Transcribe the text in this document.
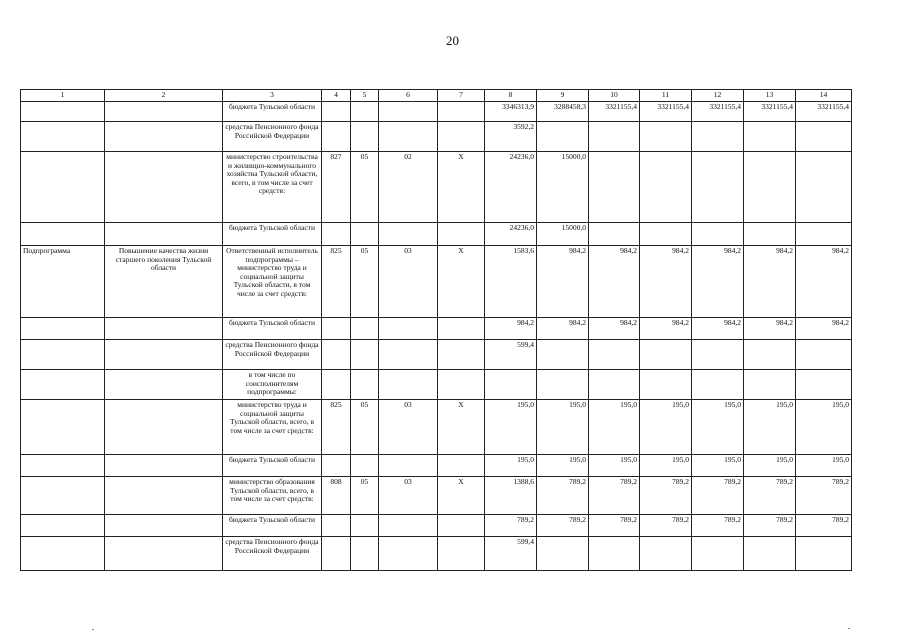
20
1	2	3	4	5	6	7	8	9	10	11	12	13	14
		бюджета Тульской области					3346313,9	3288458,3	3321155,4	3321155,4	3321155,4	3321155,4	3321155,4
		средства Пенсионного фонда Российской Федерации					3592,2						
		министерство строительства и жилищно-коммунального хозяйства Тульской области, всего, в том числе за счет средств:	827	05	02	X	24236,0	15000,0					
		бюджета Тульской области					24236,0	15000,0					
Подпрограмма	Повышение качества жизни старшего поколения Тульской области	Ответственный исполнитель подпрограммы – министерство труда и социальной защиты Тульской области, в том числе за счет средств:	825	05	03	X	1583,6	984,2	984,2	984,2	984,2	984,2	984,2
		бюджета Тульской области					984,2	984,2	984,2	984,2	984,2	984,2	984,2
		средства Пенсионного фонда Российской Федерации					599,4						
		в том числе по соисполнителям подпрограммы:											
		министерство труда и социальной защиты Тульской области, всего, в том числе за счет средств:	825	05	03	X	195,0	195,0	195,0	195,0	195,0	195,0	195,0
		бюджета Тульской области					195,0	195,0	195,0	195,0	195,0	195,0	195,0
		министерство образования Тульской области, всего, в том числе за счет средств:	808	05	03	X	1388,6	789,2	789,2	789,2	789,2	789,2	789,2
		бюджета Тульской области					789,2	789,2	789,2	789,2	789,2	789,2	789,2
		средства Пенсионного фонда Российской Федерации					599,4						
